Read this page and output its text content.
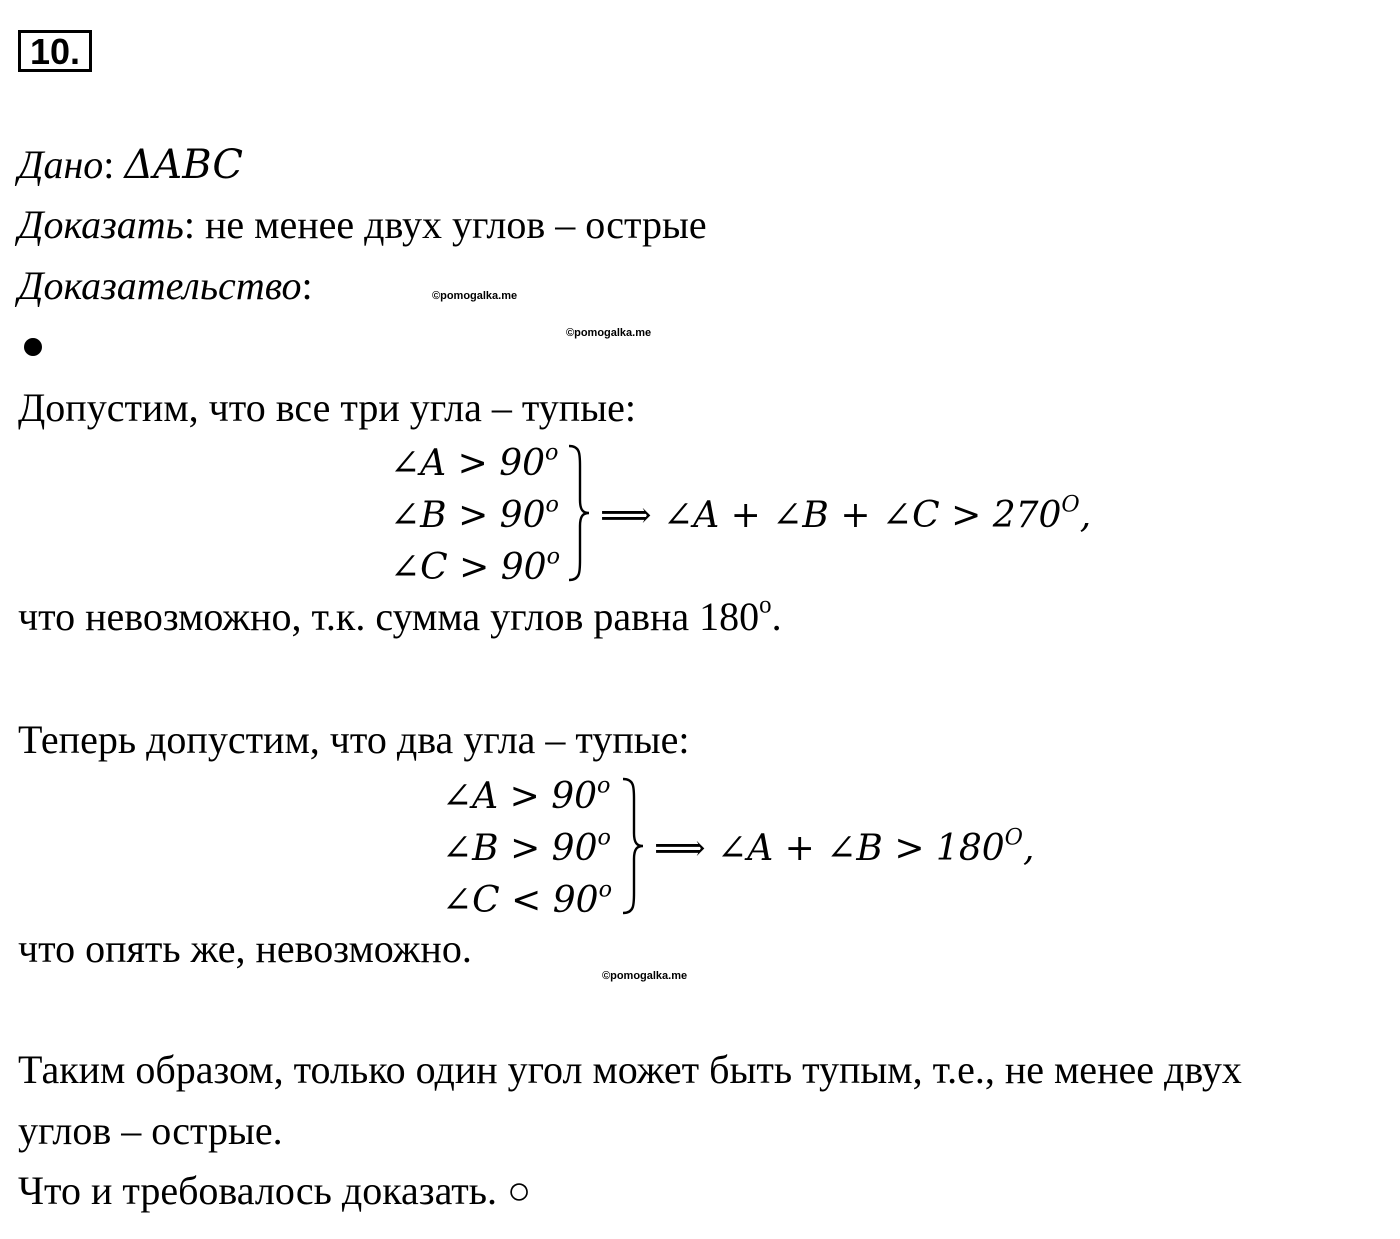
10.
Дано: ΔABC
Доказать: не менее двух углов – острые
Доказательство:	©pomogalka.me
©pomogalka.me
Допустим, что все три угла – тупые:
∠A > $90^o$
∠B > $90^o$
∠C > $90^o$
⟹ ∠A + ∠B + ∠C > $270^O$,
что невозможно, т.к. сумма углов равна 180$^o$.
Теперь допустим, что два угла – тупые:
∠A > $90^o$
∠B > $90^o$
∠C < $90^o$
⟹ ∠A + ∠B > $180^O$,
что опять же, невозможно.
©pomogalka.me
Таким образом, только один угол может быть тупым, т.е., не менее двух
углов – острые.
Что и требовалось доказать. ○
